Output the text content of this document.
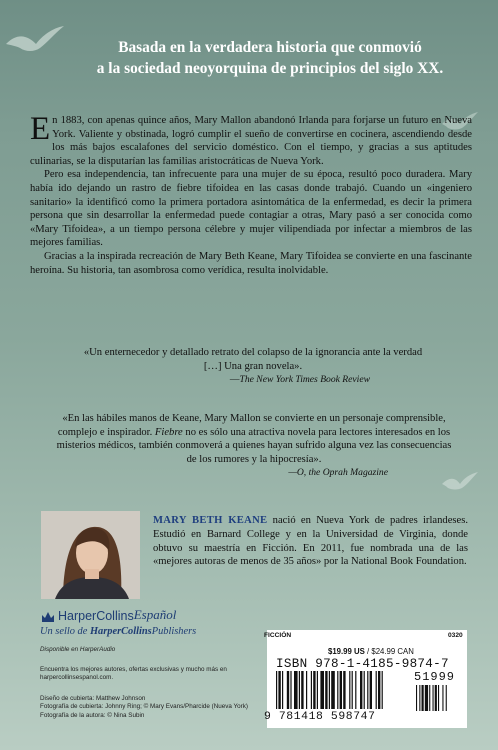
Basada en la verdadera historia que conmovió
a la sociedad neoyorquina de principios del siglo XX.

En 1883, con apenas quince años, Mary Mallon abandonó Irlanda para forjarse un futuro en Nueva York. Valiente y obstinada, logró cumplir el sueño de convertirse en cocinera, ascendiendo desde los más bajos escalafones del servicio doméstico. Con el tiempo, y gracias a sus aptitudes culinarias, se la disputarían las familias aristocráticas de Nueva York.

Pero esa independencia, tan infrecuente para una mujer de su época, resultó poco duradera. Mary había ido dejando un rastro de fiebre tifoidea en las casas donde trabajó. Cuando un «ingeniero sanitario» la identificó como la primera portadora asintomática de la enfermedad, es decir la primera persona que sin desarrollar la enfermedad puede contagiar a otras, Mary pasó a ser conocida como «Mary Tifoidea», a un tiempo persona célebre y mujer vilipendiada por infectar a miembros de las mejores familias.

Gracias a la inspirada recreación de Mary Beth Keane, Mary Tifoidea se convierte en una fascinante heroína. Su historia, tan asombrosa como verídica, resulta inolvidable.

«Un enternecedor y detallado retrato del colapso de la ignorancia ante la verdad […] Una gran novela».
—The New York Times Book Review
«En las hábiles manos de Keane, Mary Mallon se convierte en un personaje comprensible, complejo e inspirador. Fiebre no es sólo una atractiva novela para lectores interesados en los misterios médicos, también conmoverá a quienes hayan sufrido alguna vez las consecuencias de los rumores y la hipocresía».
—O, the Oprah Magazine
MARY BETH KEANE nació en Nueva York de padres irlandeses. Estudió en Barnard College y en la Universidad de Virginia, donde obtuvo su maestría en Ficción. En 2011, fue nombrada una de las «mejores autoras de menos de 35 años» por la National Book Foundation.
HarperCollins Español
Un sello de HarperCollinsPublishers
Disponible en HarperAudio
Encuentra los mejores autores, ofertas exclusivas y mucho más en harpercollinsespanol.com.
Diseño de cubierta: Matthew Johnson
Fotografía de cubierta: Johnny Ring; © Mary Evans/Pharcide (Nueva York)
Fotografía de la autora: © Nina Subin
FICCIÓN	0320
$19.99 US / $24.99 CAN
ISBN 978-1-4185-9874-7
51999
9 781418 598747
